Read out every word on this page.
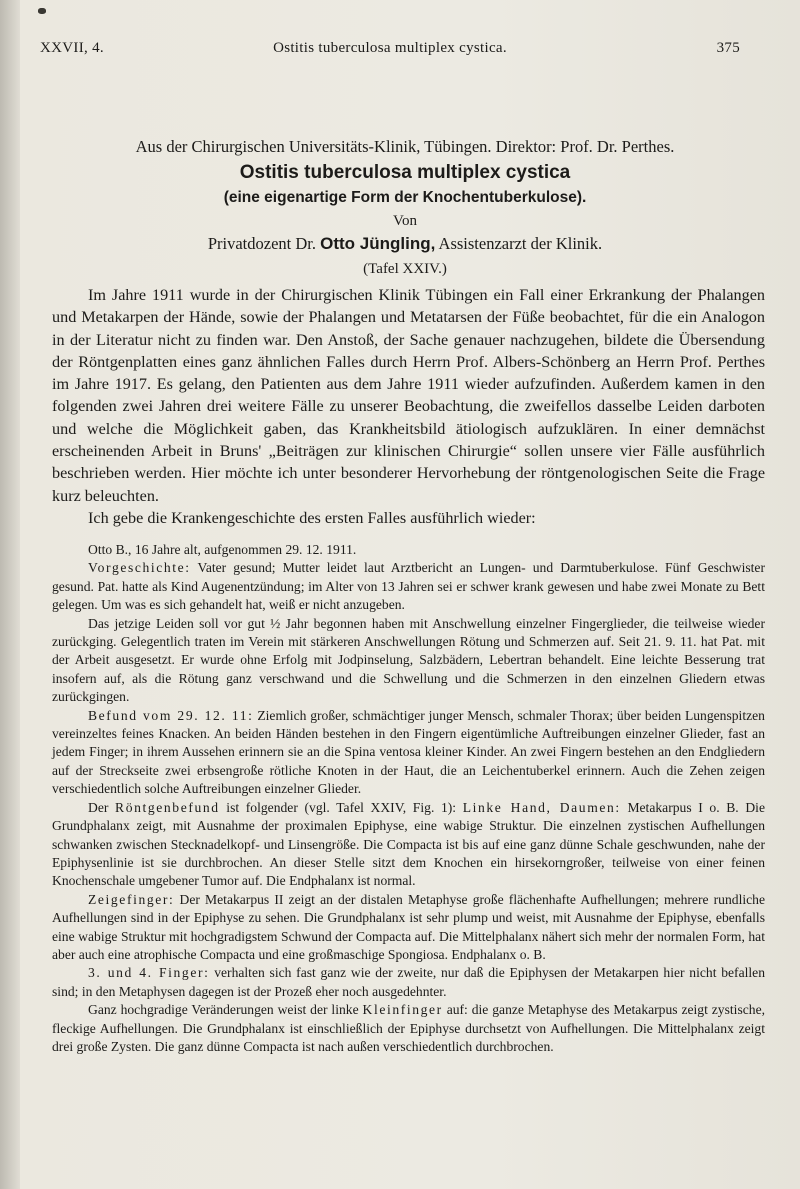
XXVII, 4.	Ostitis tuberculosa multiplex cystica.	375
Aus der Chirurgischen Universitäts-Klinik, Tübingen. Direktor: Prof. Dr. Perthes.
Ostitis tuberculosa multiplex cystica
(eine eigenartige Form der Knochentuberkulose).
Von
Privatdozent Dr. Otto Jüngling, Assistenzarzt der Klinik.
(Tafel XXIV.)

Im Jahre 1911 wurde in der Chirurgischen Klinik Tübingen ein Fall einer Erkrankung der Phalangen und Metakarpen der Hände, sowie der Phalangen und Metatarsen der Füße beobachtet, für die ein Analogon in der Literatur nicht zu finden war. Den Anstoß, der Sache genauer nachzugehen, bildete die Übersendung der Röntgenplatten eines ganz ähnlichen Falles durch Herrn Prof. Albers-Schönberg an Herrn Prof. Perthes im Jahre 1917. Es gelang, den Patienten aus dem Jahre 1911 wieder aufzufinden. Außerdem kamen in den folgenden zwei Jahren drei weitere Fälle zu unserer Beobachtung, die zweifellos dasselbe Leiden darboten und welche die Möglichkeit gaben, das Krankheitsbild ätiologisch aufzuklären. In einer demnächst erscheinenden Arbeit in Bruns' „Beiträgen zur klinischen Chirurgie“ sollen unsere vier Fälle ausführlich beschrieben werden. Hier möchte ich unter besonderer Hervorhebung der röntgenologischen Seite die Frage kurz beleuchten.

Ich gebe die Krankengeschichte des ersten Falles ausführlich wieder:

Otto B., 16 Jahre alt, aufgenommen 29. 12. 1911.

Vorgeschichte: Vater gesund; Mutter leidet laut Arztbericht an Lungen- und Darmtuberkulose. Fünf Geschwister gesund. Pat. hatte als Kind Augenentzündung; im Alter von 13 Jahren sei er schwer krank gewesen und habe zwei Monate zu Bett gelegen. Um was es sich gehandelt hat, weiß er nicht anzugeben.

Das jetzige Leiden soll vor gut ½ Jahr begonnen haben mit Anschwellung einzelner Fingerglieder, die teilweise wieder zurückging. Gelegentlich traten im Verein mit stärkeren Anschwellungen Rötung und Schmerzen auf. Seit 21. 9. 11. hat Pat. mit der Arbeit ausgesetzt. Er wurde ohne Erfolg mit Jodpinselung, Salzbädern, Lebertran behandelt. Eine leichte Besserung trat insofern auf, als die Rötung ganz verschwand und die Schwellung und die Schmerzen in den einzelnen Gliedern etwas zurückgingen.

Befund vom 29. 12. 11: Ziemlich großer, schmächtiger junger Mensch, schmaler Thorax; über beiden Lungenspitzen vereinzeltes feines Knacken. An beiden Händen bestehen in den Fingern eigentümliche Auftreibungen einzelner Glieder, fast an jedem Finger; in ihrem Aussehen erinnern sie an die Spina ventosa kleiner Kinder. An zwei Fingern bestehen an den Endgliedern auf der Streckseite zwei erbsengroße rötliche Knoten in der Haut, die an Leichentuberkel erinnern. Auch die Zehen zeigen verschiedentlich solche Auftreibungen einzelner Glieder.

Der Röntgenbefund ist folgender (vgl. Tafel XXIV, Fig. 1): Linke Hand, Daumen: Metakarpus I o. B. Die Grundphalanx zeigt, mit Ausnahme der proximalen Epiphyse, eine wabige Struktur. Die einzelnen zystischen Aufhellungen schwanken zwischen Stecknadelkopf- und Linsengröße. Die Compacta ist bis auf eine ganz dünne Schale geschwunden, nahe der Epiphysenlinie ist sie durchbrochen. An dieser Stelle sitzt dem Knochen ein hirsekorngroßer, teilweise von einer feinen Knochenschale umgebener Tumor auf. Die Endphalanx ist normal.

Zeigefinger: Der Metakarpus II zeigt an der distalen Metaphyse große flächenhafte Aufhellungen; mehrere rundliche Aufhellungen sind in der Epiphyse zu sehen. Die Grundphalanx ist sehr plump und weist, mit Ausnahme der Epiphyse, ebenfalls eine wabige Struktur mit hochgradigstem Schwund der Compacta auf. Die Mittelphalanx nähert sich mehr der normalen Form, hat aber auch eine atrophische Compacta und eine großmaschige Spongiosa. Endphalanx o. B.

3. und 4. Finger: verhalten sich fast ganz wie der zweite, nur daß die Epiphysen der Metakarpen hier nicht befallen sind; in den Metaphysen dagegen ist der Prozeß eher noch ausgedehnter.

Ganz hochgradige Veränderungen weist der linke Kleinfinger auf: die ganze Metaphyse des Metakarpus zeigt zystische, fleckige Aufhellungen. Die Grundphalanx ist einschließlich der Epiphyse durchsetzt von Aufhellungen. Die Mittelphalanx zeigt drei große Zysten. Die ganz dünne Compacta ist nach außen verschiedentlich durchbrochen.
